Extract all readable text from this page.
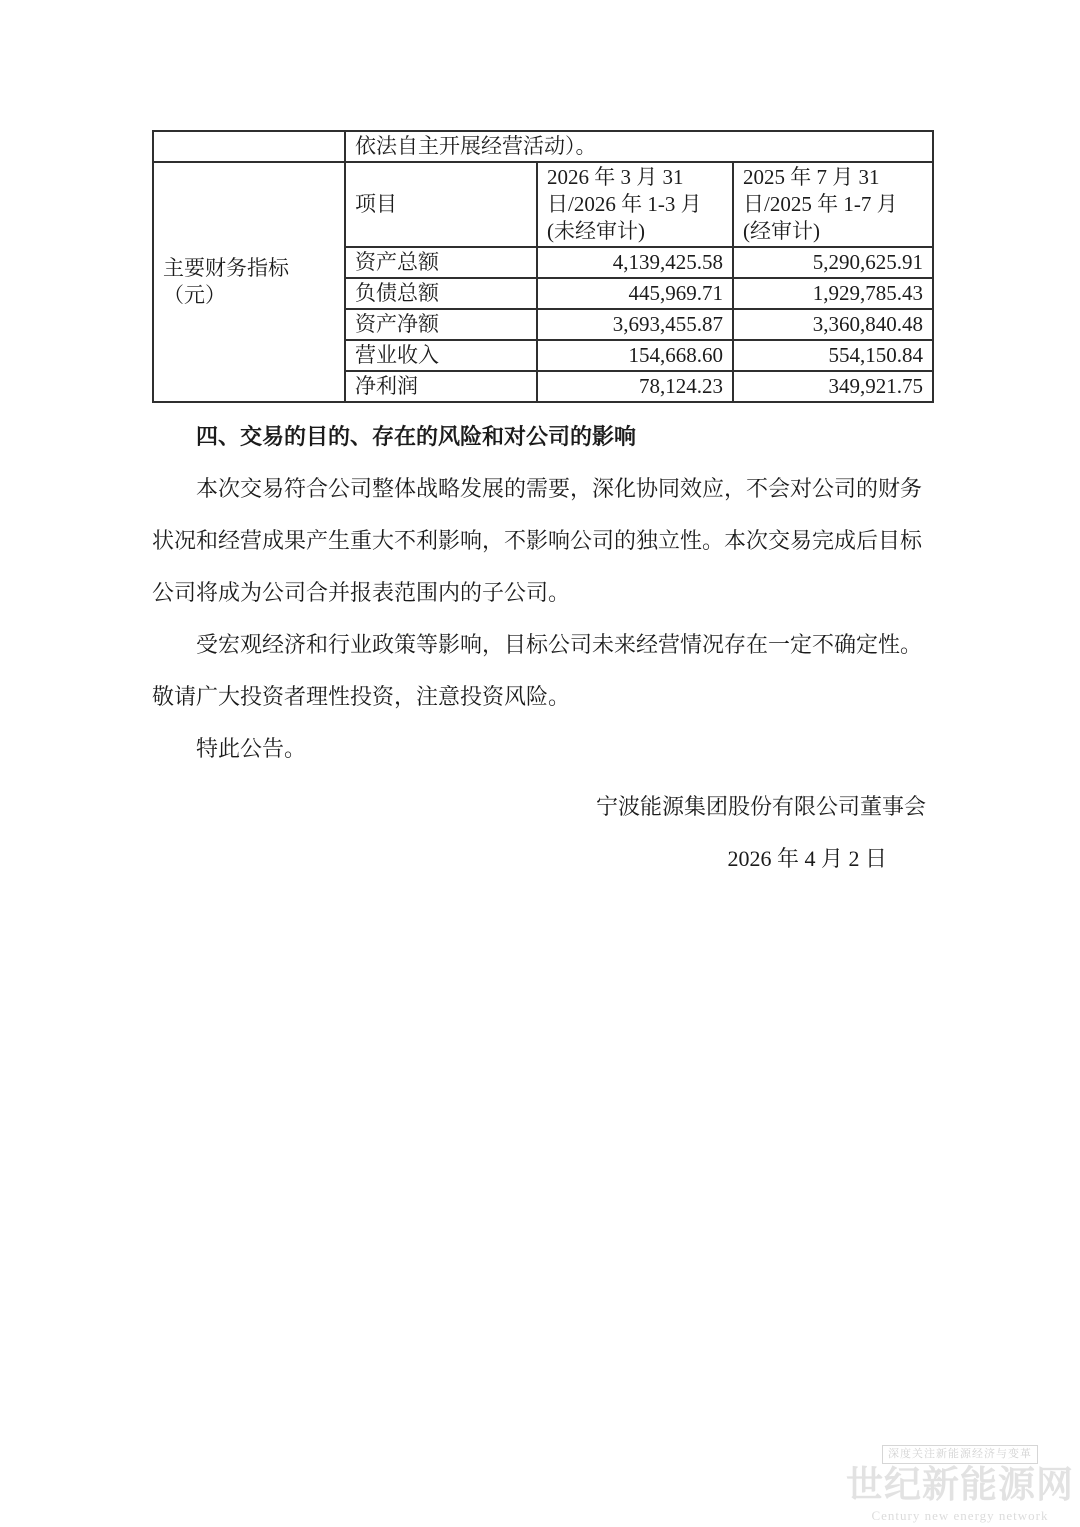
	依法自主开展经营活动）。		

主要财务指标
（元）	项目	2026 年 3 月 31 日/2026 年 1-3 月(未经审计)	2025 年 7 月 31 日/2025 年 1-7 月(经审计)
	资产总额	4,139,425.58	5,290,625.91
	负债总额	445,969.71	1,929,785.43
	资产净额	3,693,455.87	3,360,840.48
	营业收入	154,668.60	554,150.84
	净利润	78,124.23	349,921.75
四、交易的目的、存在的风险和对公司的影响
本次交易符合公司整体战略发展的需要，深化协同效应，不会对公司的财务
状况和经营成果产生重大不利影响，不影响公司的独立性。本次交易完成后目标
公司将成为公司合并报表范围内的子公司。
受宏观经济和行业政策等影响，目标公司未来经营情况存在一定不确定性。
敬请广大投资者理性投资，注意投资风险。
特此公告。
宁波能源集团股份有限公司董事会
2026 年 4 月 2 日
深度关注新能源经济与变革
世纪新能源网
Century new energy network
